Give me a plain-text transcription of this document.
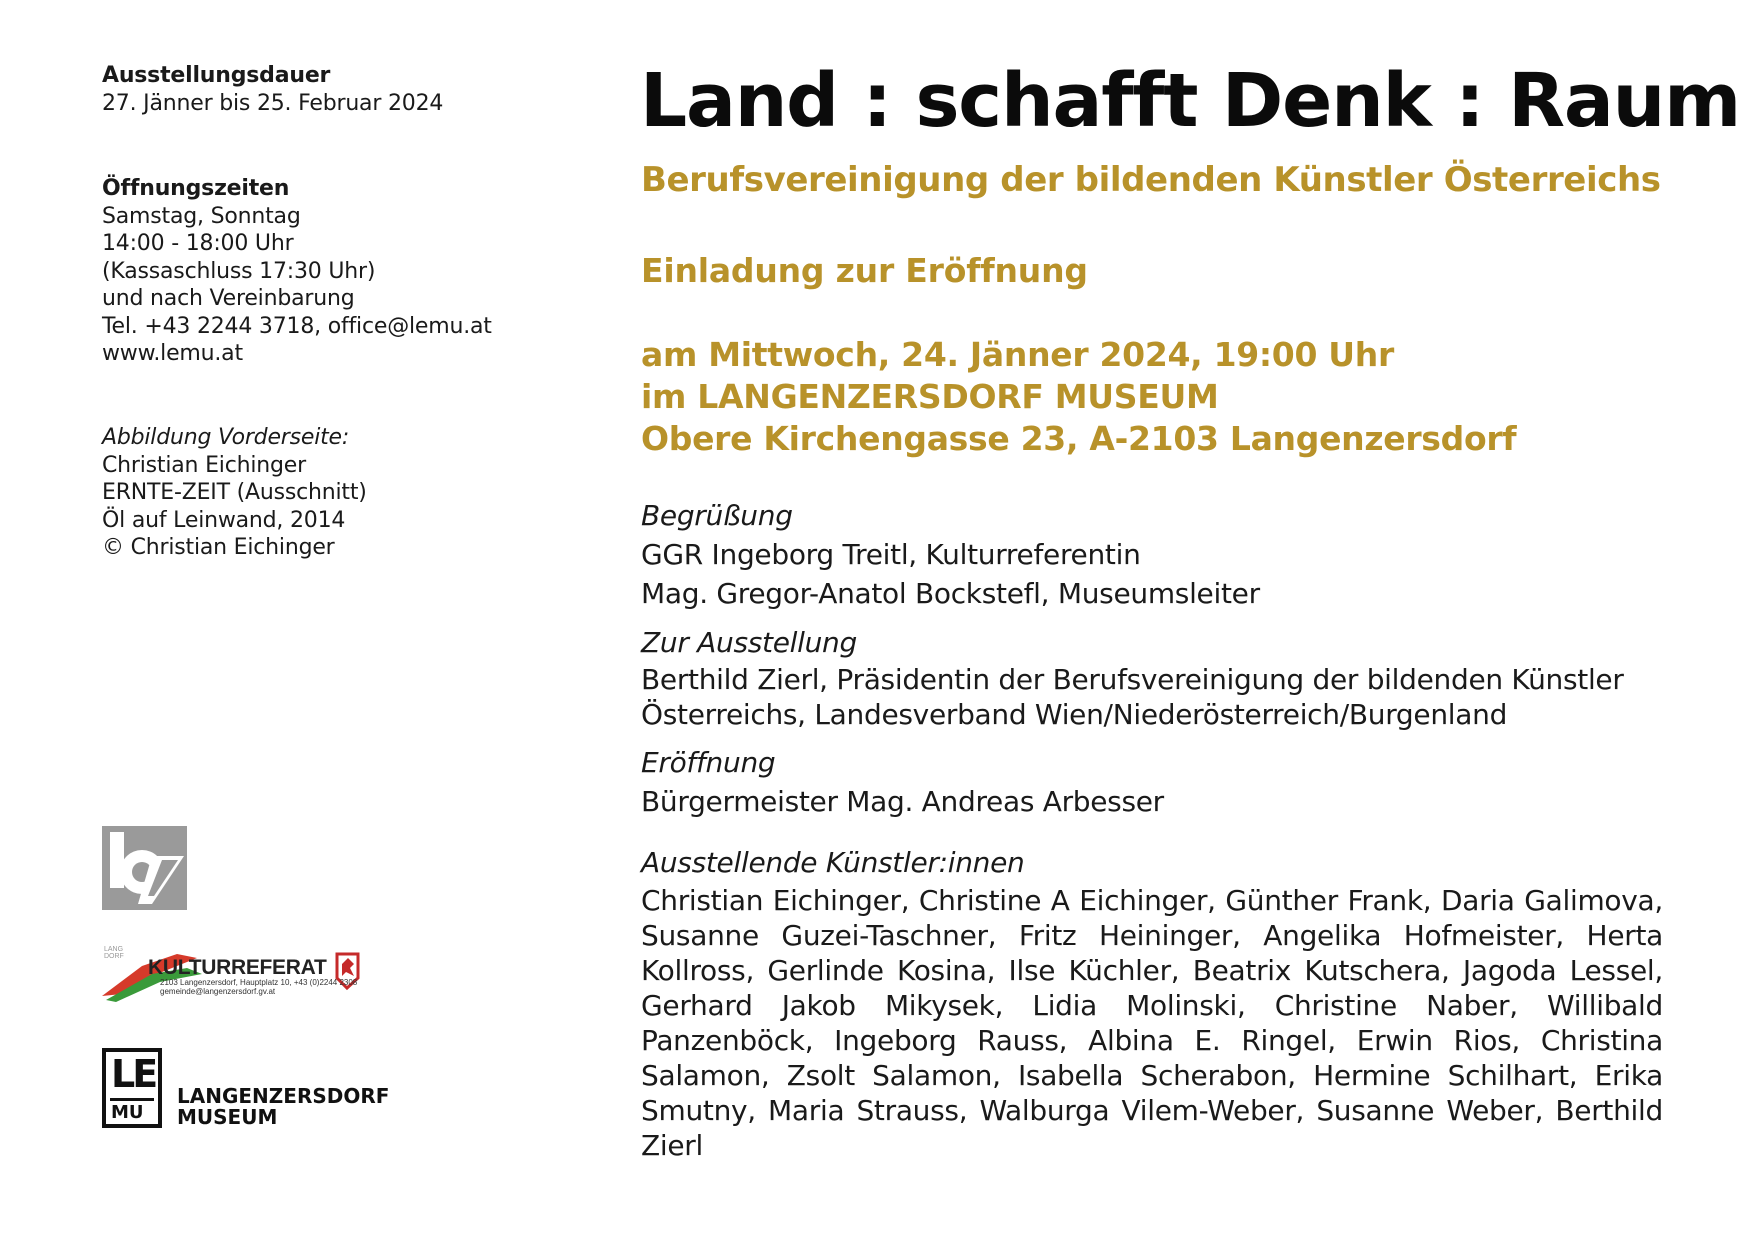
Ausstellungsdauer
27. Jänner bis 25. Februar 2024
Öffnungszeiten
Samstag, Sonntag
14:00 - 18:00 Uhr
(Kassaschluss 17:30 Uhr)
und nach Vereinbarung
Tel. +43 2244 3718, office@lemu.at
www.lemu.at
Abbildung Vorderseite:
Christian Eichinger
ERNTE-ZEIT (Ausschnitt)
Öl auf Leinwand, 2014
© Christian Eichinger
LANG DORF KULTURREFERAT
2103 Langenzersdorf, Hauptplatz 10, +43 (0)2244 2308
gemeinde@langenzersdorf.gv.at
LE
MU
LANGENZERSDORF
MUSEUM
Land : schafft Denk : Raum
Berufsvereinigung der bildenden Künstler Österreichs
Einladung zur Eröffnung
am Mittwoch, 24. Jänner 2024, 19:00 Uhr
im LANGENZERSDORF MUSEUM
Obere Kirchengasse 23, A-2103 Langenzersdorf
Begrüßung
GGR Ingeborg Treitl, Kulturreferentin
Mag. Gregor-Anatol Bockstefl, Museumsleiter
Zur Ausstellung
Berthild Zierl, Präsidentin der Berufsvereinigung der bildenden Künstler
Österreichs, Landesverband Wien/Niederösterreich/Burgenland
Eröffnung
Bürgermeister Mag. Andreas Arbesser
Ausstellende Künstler:innen
Christian Eichinger, Christine A Eichinger, Günther Frank, Daria Galimova, Susanne Guzei-Taschner, Fritz Heininger, Angelika Hofmeister, Herta Kollross, Gerlinde Kosina, Ilse Küchler, Beatrix Kutschera, Jagoda Lessel, Gerhard Jakob Mikysek, Lidia Molinski, Christine Naber, Willibald Panzenböck, Ingeborg Rauss, Albina E. Ringel, Erwin Rios, Christina Salamon, Zsolt Salamon, Isabella Scherabon, Hermine Schilhart, Erika Smutny, Maria Strauss, Walburga Vilem-Weber, Susanne Weber, Berthild Zierl
